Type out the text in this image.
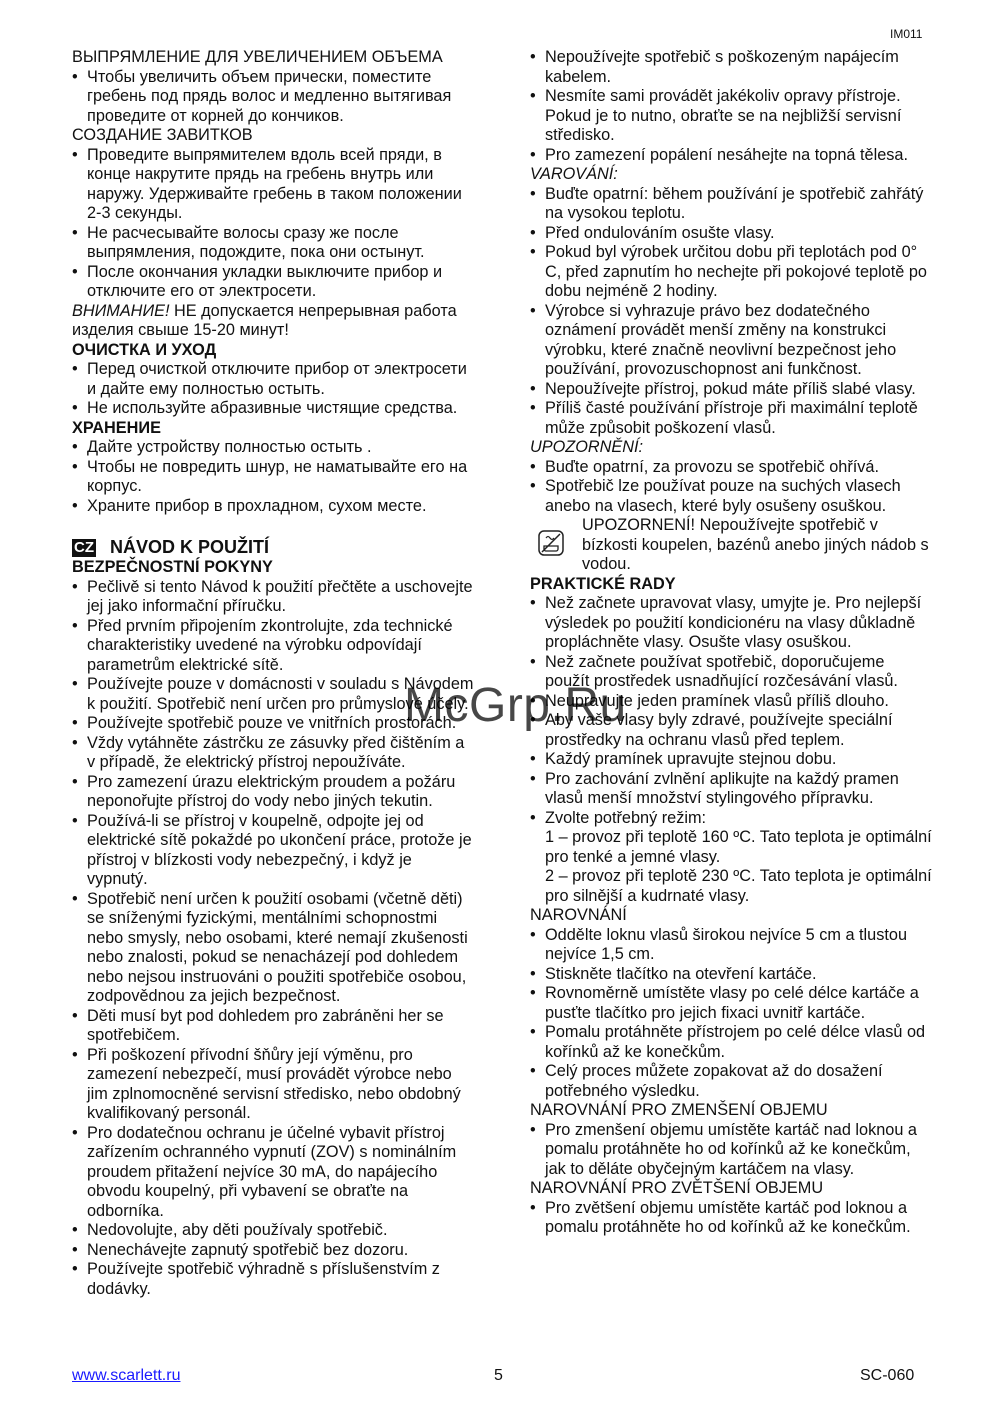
IM011
ВЫПРЯМЛЕНИЕ ДЛЯ УВЕЛИЧЕНИЕМ ОБЪЕМА
• Чтобы увеличить объем прически, поместите гребень под прядь волос и медленно вытягивая проведите от корней до кончиков.
СОЗДАНИЕ ЗАВИТКОВ
• Проведите выпрямителем вдоль всей пряди, в конце накрутите прядь на гребень внутрь или наружу. Удерживайте гребень в таком положении 2-3 секунды.
• Не расчесывайте волосы сразу же после выпрямления, подождите, пока они остынут.
• После окончания укладки выключите прибор и отключите его от электросети.
ВНИМАНИЕ! НЕ допускается непрерывная работа изделия свыше 15-20 минут!
ОЧИСТКА И УХОД
• Перед очисткой отключите прибор от электросети и дайте ему полностью остыть.
• Не используйте абразивные чистящие средства.
ХРАНЕНИЕ
• Дайте устройству полностью остыть .
• Чтобы не повредить шнур, не наматывайте его на корпус.
• Храните прибор в прохладном, сухом месте.
CZ NÁVOD K POUŽITÍ
BEZPEČNOSTNÍ POKYNY
• Pečlivě si tento Návod k použití přečtěte a uschovejte jej jako informační příručku.
• Před prvním připojením zkontrolujte, zda technické charakteristiky uvedené na výrobku odpovídají parametrům elektrické sítě.
• Používejte pouze v domácnosti v souladu s Návodem k použití. Spotřebič není určen pro průmyslové účely.
• Používejte spotřebič pouze ve vnitřních prostorách.
• Vždy vytáhněte zástrčku ze zásuvky před čištěním a v případě, že elektrický přístroj nepoužíváte.
• Pro zamezení úrazu elektrickým proudem a požáru neponořujte přístroj do vody nebo jiných tekutin.
• Používá-li se přístroj v koupelně, odpojte jej od elektrické sítě pokaždé po ukončení práce, protože je přístroj v blízkosti vody nebezpečný, i když je vypnutý.
• Spotřebič není určen k použití osobami (včetně děti) se sníženými fyzickými, mentálními schopnostmi nebo smysly, nebo osobami, které nemají zkušenosti nebo znalosti, pokud se nenacházejí pod dohledem nebo nejsou instruováni o použiti spotřebiče osobou, zodpovědnou za jejich bezpečnost.
• Děti musí byt pod dohledem pro zabráněni her se spotřebičem.
• Při poškození přívodní šňůry její výměnu, pro zamezení nebezpečí, musí provádět výrobce nebo jim zplnomocněné servisní středisko, nebo obdobný kvalifikovaný personál.
• Pro dodatečnou ochranu je účelné vybavit přístroj zařízením ochranného vypnutí (ZOV) s nominálním proudem přitažení nejvíce 30 mA, do napájecího obvodu koupelný, při vybavení se obraťte na odborníka.
• Nedovolujte, aby děti používaly spotřebič.
• Nenechávejte zapnutý spotřebič bez dozoru.
• Používejte spotřebič výhradně s příslušenstvím z dodávky.
• Nepoužívejte spotřebič s poškozeným napájecím kabelem.
• Nesmíte sami provádět jakékoliv opravy přístroje. Pokud je to nutno, obraťte se na nejbližší servisní středisko.
• Pro zamezení popálení nesáhejte na topná tělesa.
VAROVÁNÍ:
• Buďte opatrní: během používání je spotřebič zahřátý na vysokou teplotu.
• Před ondulováním osušte vlasy.
• Pokud byl výrobek určitou dobu při teplotách pod 0° C, před zapnutím ho nechejte při pokojové teplotě po dobu nejméně 2 hodiny.
• Výrobce si vyhrazuje právo bez dodatečného oznámení provádět menší změny na konstrukci výrobku, které značně neovlivní bezpečnost jeho používání, provozuschopnost ani funkčnost.
• Nepoužívejte přístroj, pokud máte příliš slabé vlasy.
• Příliš časté používání přístroje při maximální teplotě může způsobit poškození vlasů.
UPOZORNĚNÍ:
• Buďte opatrní, za provozu se spotřebič ohřívá.
• Spotřebič lze používat pouze na suchých vlasech anebo na vlasech, které byly osušeny osuškou.
UPOZORNENÍ! Nepoužívejte spotřebič v bízkosti koupelen, bazénů anebo jiných nádob s vodou.
PRAKTICKÉ RADY
• Než začnete upravovat vlasy, umyjte je. Pro nejlepší výsledek po použití kondicionéru na vlasy důkladně propláchněte vlasy. Osušte vlasy osuškou.
• Než začnete používat spotřebič, doporučujeme použít prostředek usnadňující rozčesávání vlasů.
• Neupravujte jeden pramínek vlasů příliš dlouho.
• Aby vaše vlasy byly zdravé, používejte speciální prostředky na ochranu vlasů před teplem.
• Každý pramínek upravujte stejnou dobu.
• Pro zachování zvlnění aplikujte na každý pramen vlasů menší množství stylingového přípravku.
• Zvolte potřebný režim:
1 – provoz při teplotě 160 ºC. Tato teplota je optimální pro tenké a jemné vlasy.
2 – provoz při teplotě 230 ºC. Tato teplota je optimální pro silnější a kudrnaté vlasy.
NAROVNÁNÍ
• Oddělte loknu vlasů širokou nejvíce 5 cm a tlustou nejvíce 1,5 cm.
• Stiskněte tlačítko na otevření kartáče.
• Rovnoměrně umístěte vlasy po celé délce kartáče a pusťte tlačítko pro jejich fixaci uvnitř kartáče.
• Pomalu protáhněte přístrojem po celé délce vlasů od kořínků až ke konečkům.
• Celý proces můžete zopakovat až do dosažení potřebného výsledku.
NAROVNÁNÍ PRO ZMENŠENÍ OBJEMU
• Pro zmenšení objemu umístěte kartáč nad loknou a pomalu protáhněte ho od kořínků až ke konečkům, jak to děláte obyčejným kartáčem na vlasy.
NAROVNÁNÍ PRO ZVĚTŠENÍ OBJEMU
• Pro zvětšení objemu umístěte kartáč pod loknou a pomalu protáhněte ho od kořínků až ke konečkům.
www.scarlett.ru	5	SC-060
McGrp.Ru
